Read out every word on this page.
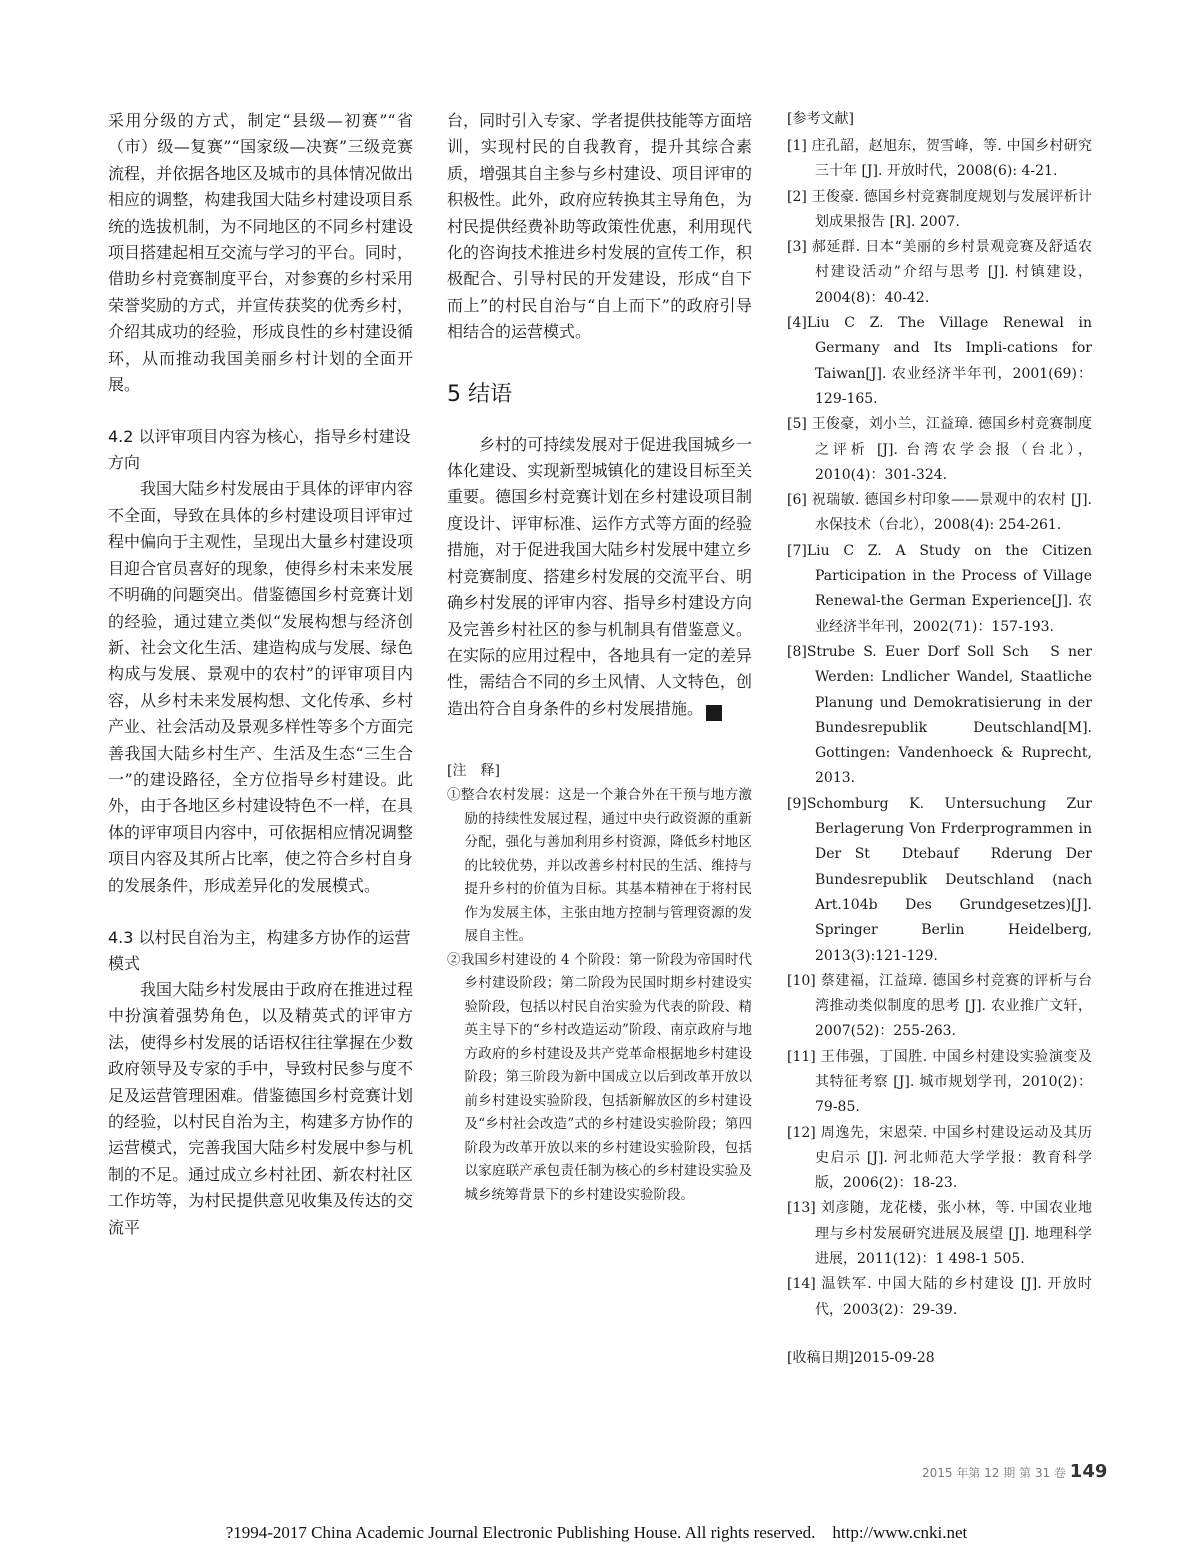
采用分级的方式，制定“县级—初赛”“省（市）级—复赛”“国家级—决赛”三级竞赛流程，并依据各地区及城市的具体情况做出相应的调整，构建我国大陆乡村建设项目系统的选拔机制，为不同地区的不同乡村建设项目搭建起相互交流与学习的平台。同时，借助乡村竞赛制度平台，对参赛的乡村采用荣誉奖励的方式，并宣传获奖的优秀乡村，介绍其成功的经验，形成良性的乡村建设循环，从而推动我国美丽乡村计划的全面开展。

4.2 以评审项目内容为核心，指导乡村建设方向

我国大陆乡村发展由于具体的评审内容不全面，导致在具体的乡村建设项目评审过程中偏向于主观性，呈现出大量乡村建设项目迎合官员喜好的现象，使得乡村未来发展不明确的问题突出。借鉴德国乡村竞赛计划的经验，通过建立类似“发展构想与经济创新、社会文化生活、建造构成与发展、绿色构成与发展、景观中的农村”的评审项目内容，从乡村未来发展构想、文化传承、乡村产业、社会活动及景观多样性等多个方面完善我国大陆乡村生产、生活及生态“三生合一”的建设路径，全方位指导乡村建设。此外，由于各地区乡村建设特色不一样，在具体的评审项目内容中，可依据相应情况调整项目内容及其所占比率，使之符合乡村自身的发展条件，形成差异化的发展模式。

4.3 以村民自治为主，构建多方协作的运营模式

我国大陆乡村发展由于政府在推进过程中扮演着强势角色，以及精英式的评审方法，使得乡村发展的话语权往往掌握在少数政府领导及专家的手中，导致村民参与度不足及运营管理困难。借鉴德国乡村竞赛计划的经验，以村民自治为主，构建多方协作的运营模式，完善我国大陆乡村发展中参与机制的不足。通过成立乡村社团、新农村社区工作坊等，为村民提供意见收集及传达的交流平

台，同时引入专家、学者提供技能等方面培训，实现村民的自我教育，提升其综合素质，增强其自主参与乡村建设、项目评审的积极性。此外，政府应转换其主导角色，为村民提供经费补助等政策性优惠，利用现代化的咨询技术推进乡村发展的宣传工作，积极配合、引导村民的开发建设，形成“自下而上”的村民自治与“自上而下”的政府引导相结合的运营模式。

5 结语

乡村的可持续发展对于促进我国城乡一体化建设、实现新型城镇化的建设目标至关重要。德国乡村竞赛计划在乡村建设项目制度设计、评审标准、运作方式等方面的经验措施，对于促进我国大陆乡村发展中建立乡村竞赛制度、搭建乡村发展的交流平台、明确乡村发展的评审内容、指导乡村建设方向及完善乡村社区的参与机制具有借鉴意义。在实际的应用过程中，各地具有一定的差异性，需结合不同的乡土风情、人文特色，创造出符合自身条件的乡村发展措施。	P

[注　释]

①整合农村发展：这是一个兼合外在干预与地方激励的持续性发展过程，通过中央行政资源的重新分配，强化与善加利用乡村资源，降低乡村地区的比较优势，并以改善乡村村民的生活、维持与提升乡村的价值为目标。其基本精神在于将村民作为发展主体，主张由地方控制与管理资源的发展自主性。

②我国乡村建设的 4 个阶段：第一阶段为帝国时代乡村建设阶段；第二阶段为民国时期乡村建设实验阶段，包括以村民自治实验为代表的阶段、精英主导下的“乡村改造运动”阶段、南京政府与地方政府的乡村建设及共产党革命根据地乡村建设阶段；第三阶段为新中国成立以后到改革开放以前乡村建设实验阶段，包括新解放区的乡村建设及“乡村社会改造”式的乡村建设实验阶段；第四阶段为改革开放以来的乡村建设实验阶段，包括以家庭联产承包责任制为核心的乡村建设实验及城乡统筹背景下的乡村建设实验阶段。

[参考文献]

[1] 庄孔韶，赵旭东，贺雪峰，等. 中国乡村研究三十年 [J]. 开放时代，2008(6): 4-21.

[2] 王俊豪. 德国乡村竞赛制度规划与发展评析计划成果报告 [R]. 2007.

[3] 郝延群. 日本“美丽的乡村景观竞赛及舒适农村建设活动”介绍与思考 [J]. 村镇建设，2004(8)：40-42.

[4]Liu C Z. The Village Renewal in Germany and Its Impli-cations for Taiwan[J]. 农业经济半年刊，2001(69)：129-165.

[5] 王俊豪，刘小兰，江益璋. 德国乡村竞赛制度之评析 [J]. 台湾农学会报（台北），2010(4)：301-324.

[6] 祝瑞敏. 德国乡村印象——景观中的农村 [J]. 水保技术（台北），2008(4): 254-261.

[7]Liu C Z. A Study on the Citizen Participation in the Process of Village Renewal-the German Experience[J]. 农业经济半年刊，2002(71)：157-193.

[8]Strube S. Euer Dorf Soll Sch　S ner Werden: Lndlicher Wandel, Staatliche Planung und Demokratisierung in der Bundesrepublik Deutschland[M]. Gottingen: Vandenhoeck & Ruprecht, 2013.

[9]Schomburg K. Untersuchung Zur Berlagerung Von Frderprogrammen in Der St　Dtebauf　Rderung Der Bundesrepublik Deutschland (nach Art.104b Des Grundgesetzes)[J]. Springer Berlin Heidelberg, 2013(3):121-129.

[10] 蔡建福，江益璋. 德国乡村竞赛的评析与台湾推动类似制度的思考 [J]. 农业推广文轩，2007(52)：255-263.

[11] 王伟强，丁国胜. 中国乡村建设实验演变及其特征考察 [J]. 城市规划学刊，2010(2)：79-85.

[12] 周逸先，宋恩荣. 中国乡村建设运动及其历史启示 [J]. 河北师范大学学报：教育科学版，2006(2)：18-23.

[13] 刘彦随，龙花楼，张小林，等. 中国农业地理与乡村发展研究进展及展望 [J]. 地理科学进展，2011(12)：1 498-1 505.

[14] 温铁军. 中国大陆的乡村建设 [J]. 开放时代，2003(2)：29-39.

[收稿日期]2015-09-28

2015 年第 12 期 第 31 卷 149
?1994-2017 China Academic Journal Electronic Publishing House. All rights reserved.　http://www.cnki.net
